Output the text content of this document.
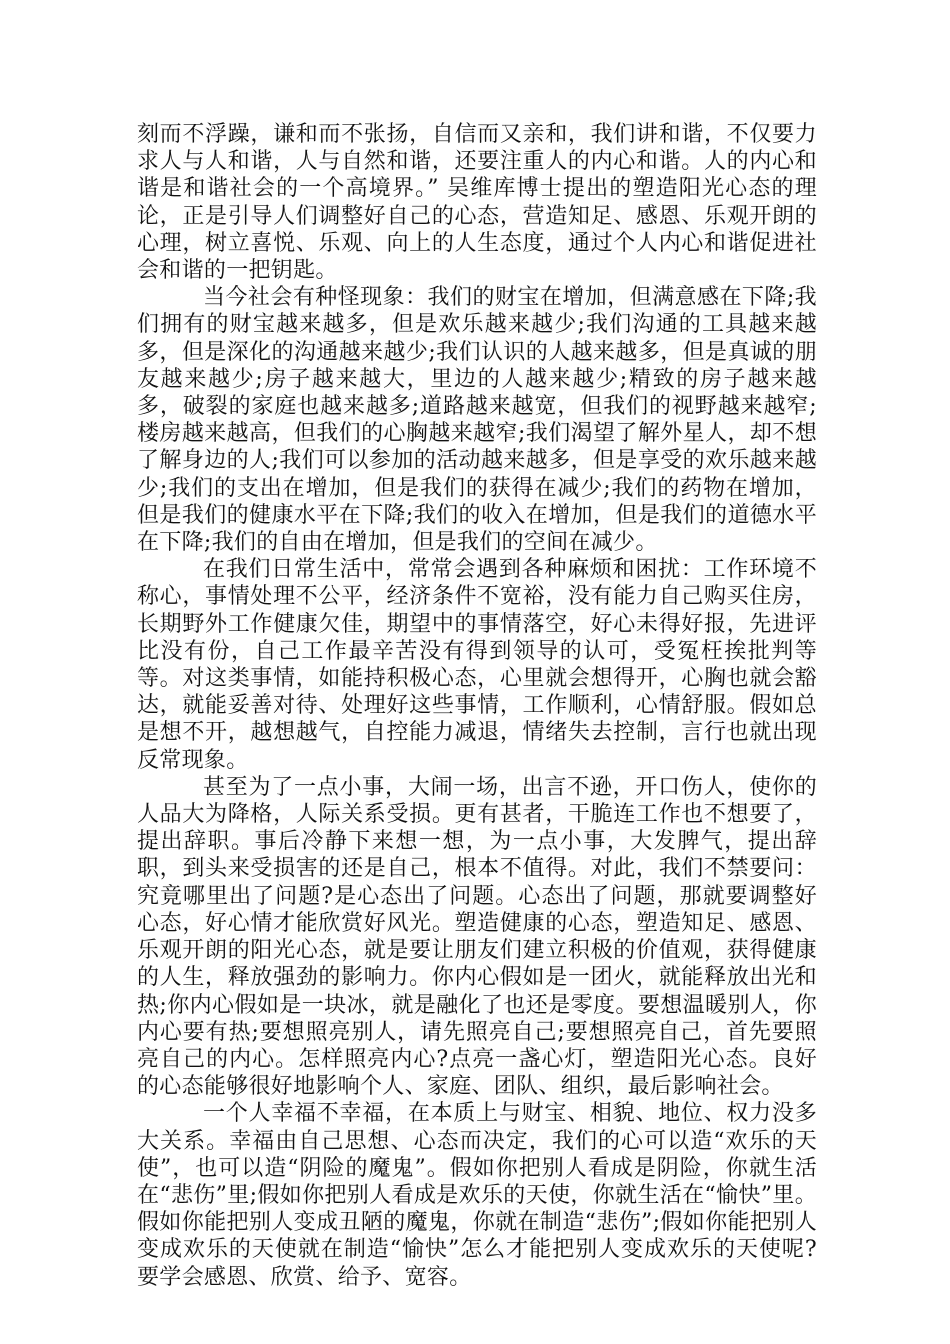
刻而不浮躁，谦和而不张扬，自信而又亲和，我们讲和谐，不仅要力求人与人和谐，人与自然和谐，还要注重人的内心和谐。人的内心和谐是和谐社会的一个高境界。” 吴维库博士提出的塑造阳光心态的理论，正是引导人们调整好自己的心态，营造知足、感恩、乐观开朗的心理，树立喜悦、乐观、向上的人生态度，通过个人内心和谐促进社会和谐的一把钥匙。

当今社会有种怪现象：我们的财宝在增加，但满意感在下降;我们拥有的财宝越来越多，但是欢乐越来越少;我们沟通的工具越来越多，但是深化的沟通越来越少;我们认识的人越来越多，但是真诚的朋友越来越少;房子越来越大，里边的人越来越少;精致的房子越来越多，破裂的家庭也越来越多;道路越来越宽，但我们的视野越来越窄;楼房越来越高，但我们的心胸越来越窄;我们渴望了解外星人，却不想了解身边的人;我们可以参加的活动越来越多，但是享受的欢乐越来越少;我们的支出在增加，但是我们的获得在减少;我们的药物在增加，但是我们的健康水平在下降;我们的收入在增加，但是我们的道德水平在下降;我们的自由在增加，但是我们的空间在减少。

在我们日常生活中，常常会遇到各种麻烦和困扰：工作环境不称心，事情处理不公平，经济条件不宽裕，没有能力自己购买住房，长期野外工作健康欠佳，期望中的事情落空，好心未得好报，先进评比没有份，自己工作最辛苦没有得到领导的认可，受冤枉挨批判等等。对这类事情，如能持积极心态，心里就会想得开，心胸也就会豁达，就能妥善对待、处理好这些事情，工作顺利，心情舒服。假如总是想不开，越想越气，自控能力减退，情绪失去控制，言行也就出现反常现象。

甚至为了一点小事，大闹一场，出言不逊，开口伤人，使你的人品大为降格，人际关系受损。更有甚者，干脆连工作也不想要了，提出辞职。事后冷静下来想一想，为一点小事，大发脾气，提出辞职，到头来受损害的还是自己，根本不值得。对此，我们不禁要问：究竟哪里出了问题?是心态出了问题。心态出了问题，那就要调整好心态，好心情才能欣赏好风光。塑造健康的心态，塑造知足、感恩、乐观开朗的阳光心态，就是要让朋友们建立积极的价值观，获得健康的人生，释放强劲的影响力。你内心假如是一团火，就能释放出光和热;你内心假如是一块冰，就是融化了也还是零度。要想温暖别人，你内心要有热;要想照亮别人，请先照亮自己;要想照亮自己，首先要照亮自己的内心。怎样照亮内心?点亮一盏心灯，塑造阳光心态。良好的心态能够很好地影响个人、家庭、团队、组织，最后影响社会。

一个人幸福不幸福，在本质上与财宝、相貌、地位、权力没多大关系。幸福由自己思想、心态而决定，我们的心可以造“欢乐的天使”，也可以造“阴险的魔鬼”。假如你把别人看成是阴险，你就生活在“悲伤”里;假如你把别人看成是欢乐的天使，你就生活在“愉快”里。假如你能把别人变成丑陋的魔鬼，你就在制造“悲伤”;假如你能把别人变成欢乐的天使就在制造“愉快”怎么才能把别人变成欢乐的天使呢?要学会感恩、欣赏、给予、宽容。
